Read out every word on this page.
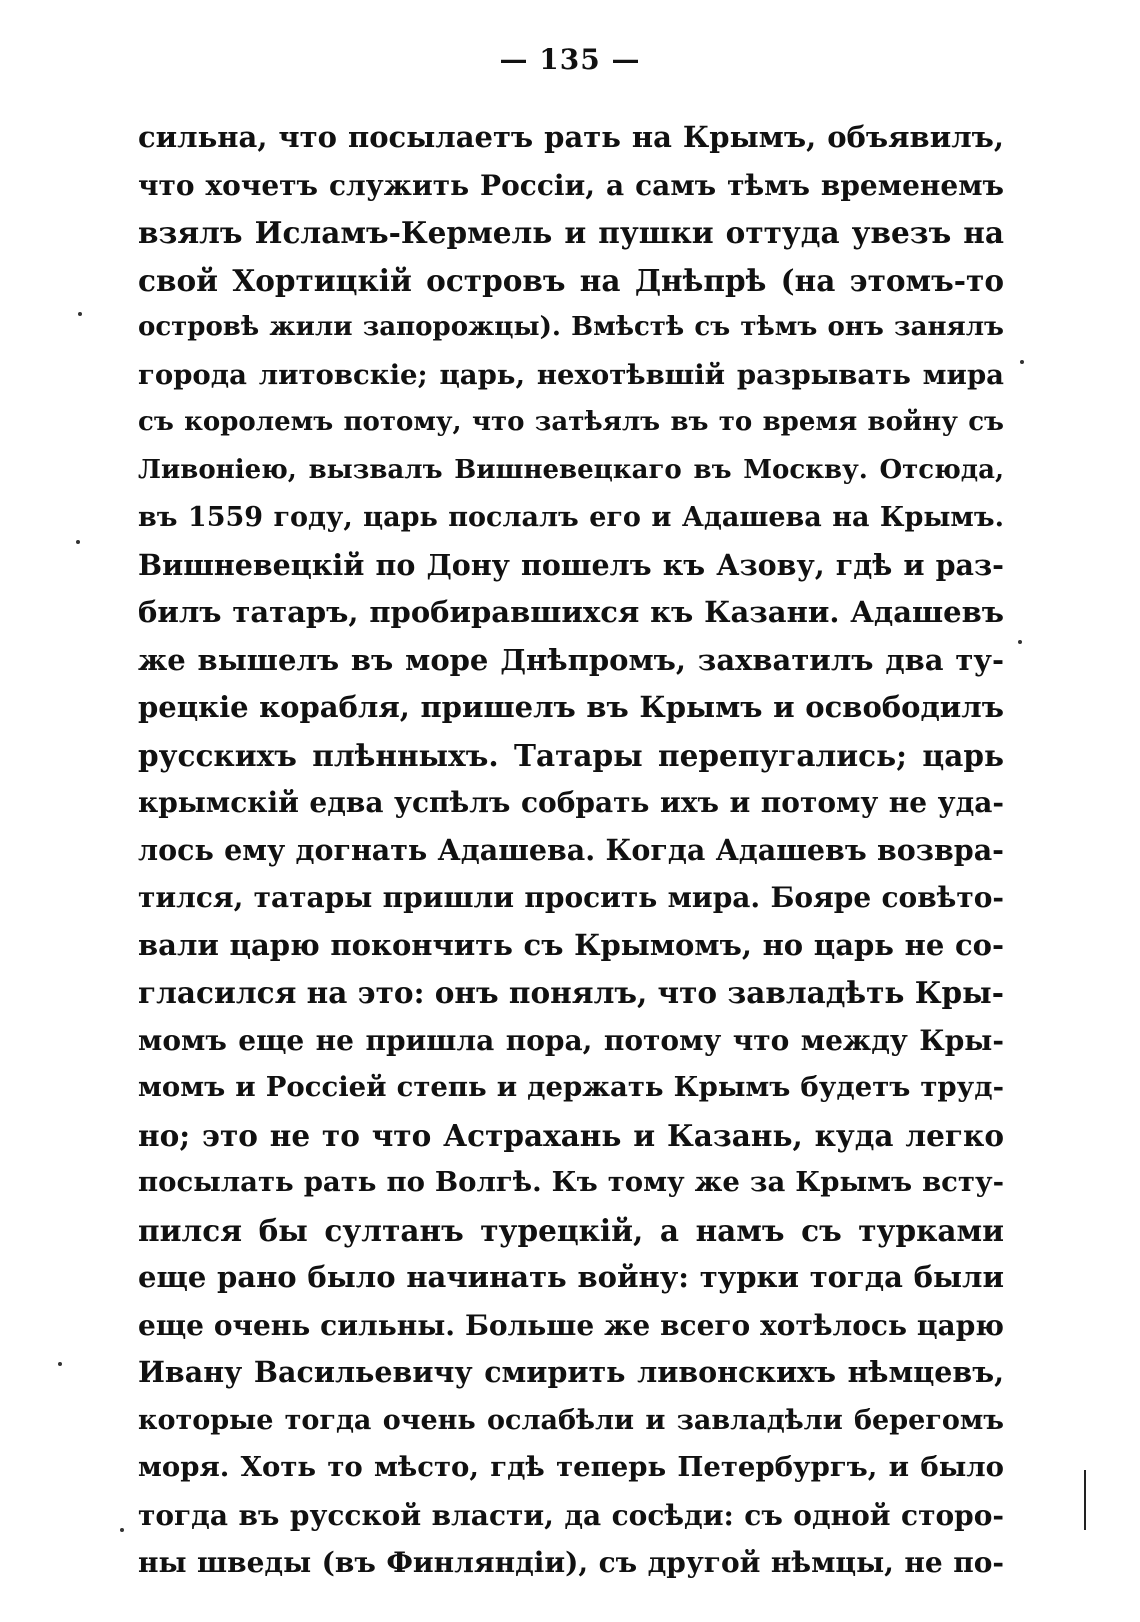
— 135 —
сильна, что посылаетъ рать на Крымъ, объявилъ,
что хочетъ служить Россіи, а самъ тѣмъ временемъ
взялъ Исламъ-Кермель и пушки оттуда увезъ на
свой Хортицкій островъ на Днѣпрѣ (на этомъ-то
островѣ жили запорожцы). Вмѣстѣ съ тѣмъ онъ занялъ
города литовскіе; царь, нехотѣвшій разрывать мира
съ королемъ потому, что затѣялъ въ то время войну съ
Ливоніею, вызвалъ Вишневецкаго въ Москву. Отсюда,
въ 1559 году, царь послалъ его и Адашева на Крымъ.
Вишневецкій по Дону пошелъ къ Азову, гдѣ и раз-
билъ татаръ, пробиравшихся къ Казани. Адашевъ
же вышелъ въ море Днѣпромъ, захватилъ два ту-
рецкіе корабля, пришелъ въ Крымъ и освободилъ
русскихъ плѣнныхъ. Татары перепугались; царь
крымскій едва успѣлъ собрать ихъ и потому не уда-
лось ему догнать Адашева. Когда Адашевъ возвра-
тился, татары пришли просить мира. Бояре совѣто-
вали царю покончить съ Крымомъ, но царь не со-
гласился на это: онъ понялъ, что завладѣть Кры-
момъ еще не пришла пора, потому что между Кры-
момъ и Россіей степь и держать Крымъ будетъ труд-
но; это не то что Астрахань и Казань, куда легко
посылать рать по Волгѣ. Къ тому же за Крымъ всту-
пился бы султанъ турецкій, а намъ съ турками
еще рано было начинать войну: турки тогда были
еще очень сильны. Больше же всего хотѣлось царю
Ивану Васильевичу смирить ливонскихъ нѣмцевъ,
которые тогда очень ослабѣли и завладѣли берегомъ
моря. Хоть то мѣсто, гдѣ теперь Петербургъ, и было
тогда въ русской власти, да сосѣди: съ одной сторо-
ны шведы (въ Финляндіи), съ другой нѣмцы, не по-
